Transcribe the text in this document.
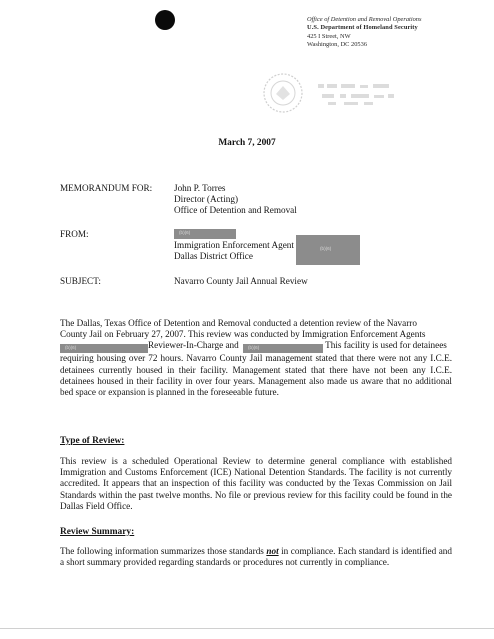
Office of Detention and Removal Operations
U.S. Department of Homeland Security
425 I Street, NW
Washington, DC 20536
March 7, 2007
MEMORANDUM FOR: John P. Torres
Director (Acting)
Office of Detention and Removal
FROM:	(b)(6)
Immigration Enforcement Agent
Dallas District Office
(b)(6)
SUBJECT:	Navarro County Jail Annual Review
The Dallas, Texas Office of Detention and Removal conducted a detention review of the Navarro
County Jail on February 27, 2007. This review was conducted by Immigration Enforcement Agents
(b)(6)	Reviewer-In-Charge and (b)(6)	This facility is used for detainees
requiring housing over 72 hours. Navarro County Jail management stated that there were not any I.C.E. detainees currently housed in their facility. Management stated that there have not been any I.C.E. detainees housed in their facility in over four years. Management also made us aware that no additional bed space or expansion is planned in the foreseeable future.
Type of Review:
This review is a scheduled Operational Review to determine general compliance with established Immigration and Customs Enforcement (ICE) National Detention Standards. The facility is not currently accredited. It appears that an inspection of this facility was conducted by the Texas Commission on Jail Standards within the past twelve months. No file or previous review for this facility could be found in the Dallas Field Office.
Review Summary:
The following information summarizes those standards not in compliance. Each standard is identified and a short summary provided regarding standards or procedures not currently in compliance.
